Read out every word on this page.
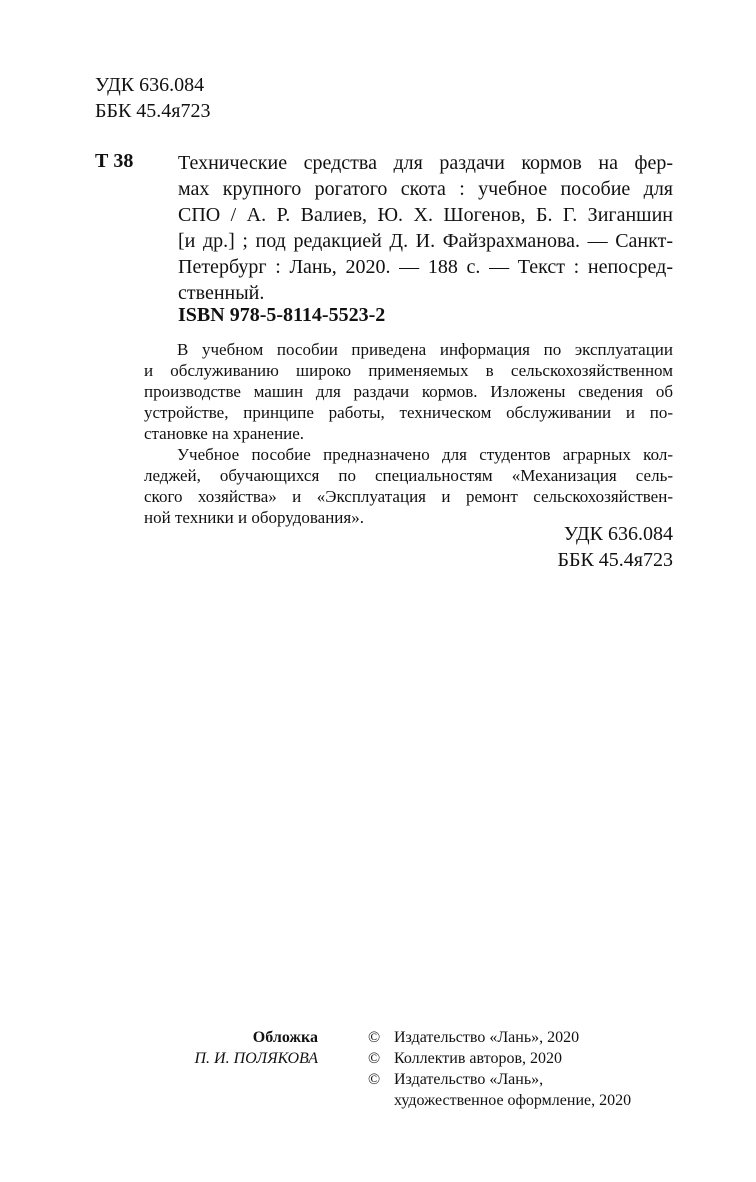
УДК 636.084
ББК 45.4я723
Т 38 Технические средства для раздачи кормов на фер-
мах крупного рогатого скота : учебное пособие для
СПО / А. Р. Валиев, Ю. Х. Шогенов, Б. Г. Зиганшин
[и др.] ; под редакцией Д. И. Файзрахманова. — Санкт-
Петербург : Лань, 2020. — 188 с. — Текст : непосред-
ственный.
ISBN 978-5-8114-5523-2
В учебном пособии приведена информация по эксплуатации
и обслуживанию широко применяемых в сельскохозяйственном
производстве машин для раздачи кормов. Изложены сведения об
устройстве, принципе работы, техническом обслуживании и по-
становке на хранение.
Учебное пособие предназначено для студентов аграрных кол-
леджей, обучающихся по специальностям «Механизация сель-
ского хозяйства» и «Эксплуатация и ремонт сельскохозяйствен-
ной техники и оборудования».
УДК 636.084
ББК 45.4я723
Обложка
П. И. ПОЛЯКОВА
© Издательство «Лань», 2020
© Коллектив авторов, 2020
© Издательство «Лань»,
художественное оформление, 2020
